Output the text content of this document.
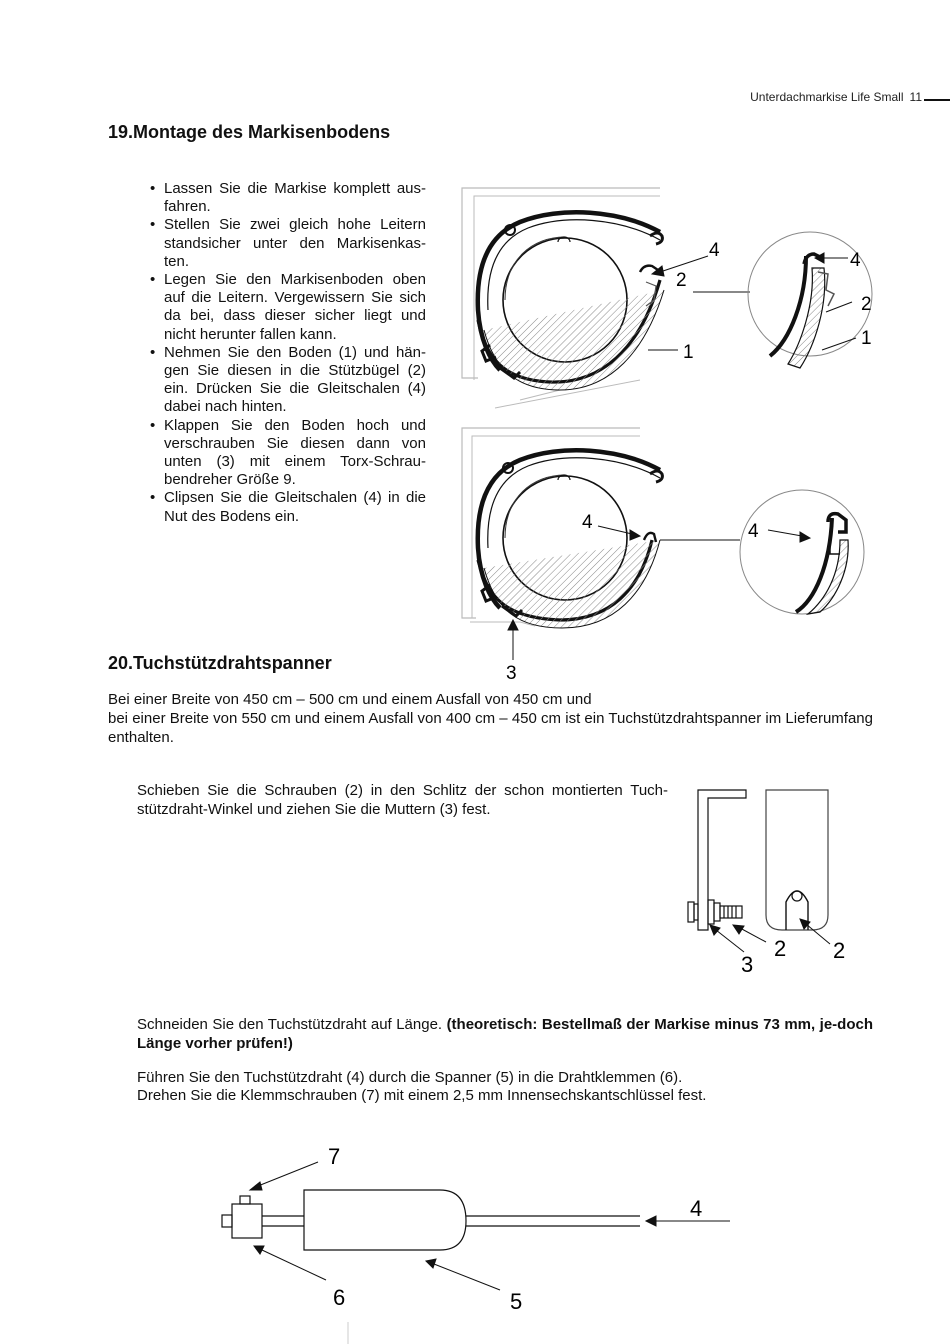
Unterdachmarkise Life Small 11
19.Montage des Markisenbodens
• Lassen Sie die Markise komplett aus-fahren.
• Stellen Sie zwei gleich hohe Leitern standsicher unter den Markisenkas-ten.
• Legen Sie den Markisenboden oben auf die Leitern. Vergewissern Sie sich da bei, dass dieser sicher liegt und nicht herunter fallen kann.
• Nehmen Sie den Boden (1) und hän-gen Sie diesen in die Stützbügel (2) ein. Drücken Sie die Gleitschalen (4) dabei nach hinten.
• Klappen Sie den Boden hoch und verschrauben Sie diesen dann von unten (3) mit einem Torx-Schrau-bendreher Größe 9.
• Clipsen Sie die Gleitschalen (4) in die Nut des Bodens ein.
4
2
1
4
2
1
4
3
4
20.Tuchstützdrahtspanner
Bei einer Breite von 450 cm – 500 cm und einem Ausfall von 450 cm und
bei einer Breite von 550 cm und einem Ausfall von 400 cm – 450 cm ist ein Tuchstützdrahtspanner im Lieferumfang enthalten.
Schieben Sie die Schrauben (2) in den Schlitz der schon montierten Tuch-stützdraht-Winkel und ziehen Sie die Muttern (3) fest.
2 2
3
Schneiden Sie den Tuchstützdraht auf Länge. (theoretisch: Bestellmaß der Markise minus 73 mm, je-doch Länge vorher prüfen!)
Führen Sie den Tuchstützdraht (4) durch die Spanner (5) in die Drahtklemmen (6).
Drehen Sie die Klemmschrauben (7) mit einem 2,5 mm Innensechskantschlüssel fest.
7
4
6	5
